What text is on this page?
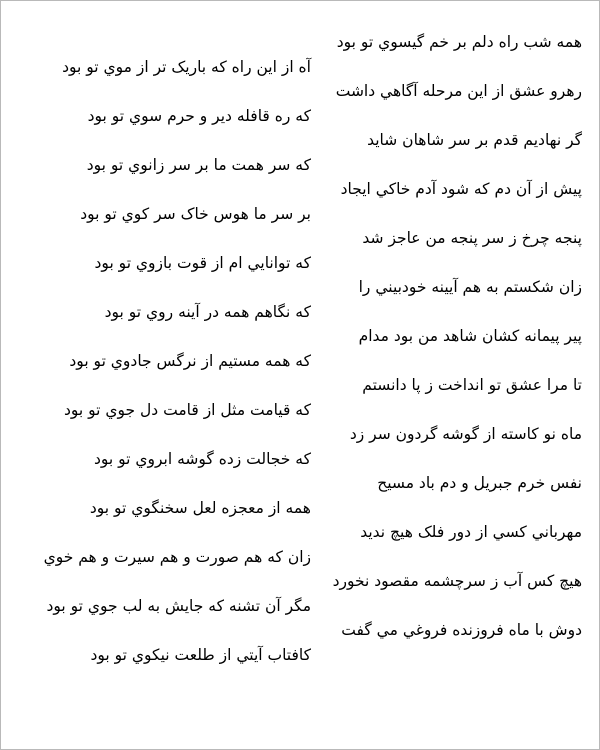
همه شب راه دلم بر خم گيسوي تو بود
آه از اين راه که باريک تر از موي تو بود
رهرو عشق از اين مرحله آگاهي داشت
که ره قافله دير و حرم سوي تو بود
گر نهاديم قدم بر سر شاهان شايد
که سر همت ما بر سر زانوي تو بود
پيش از آن دم که شود آدم خاکي ايجاد
بر سر ما هوس خاک سر کوي تو بود
پنجه چرخ ز سر پنجه من عاجز شد
که توانايي ام از قوت بازوي تو بود
زان شکستم به هم آيينه خودبيني را
که نگاهم همه در آينه روي تو بود
پير پيمانه کشان شاهد من بود مدام
که همه مستيم از نرگس جادوي تو بود
تا مرا عشق تو انداخت ز پا دانستم
که قيامت مثل از قامت دل جوي تو بود
ماه نو کاسته از گوشه گردون سر زد
که خجالت زده گوشه ابروي تو بود
نفس خرم جبريل و دم باد مسيح
همه از معجزه لعل سخنگوي تو بود
مهرباني کسي از دور فلک هيچ نديد
زان که هم صورت و هم سيرت و هم خوي
هيچ کس آب ز سرچشمه مقصود نخورد
مگر آن تشنه که جايش به لب جوي تو بود
دوش با ماه فروزنده فروغي مي گفت
کافتاب آيتي از طلعت نيکوي تو بود
